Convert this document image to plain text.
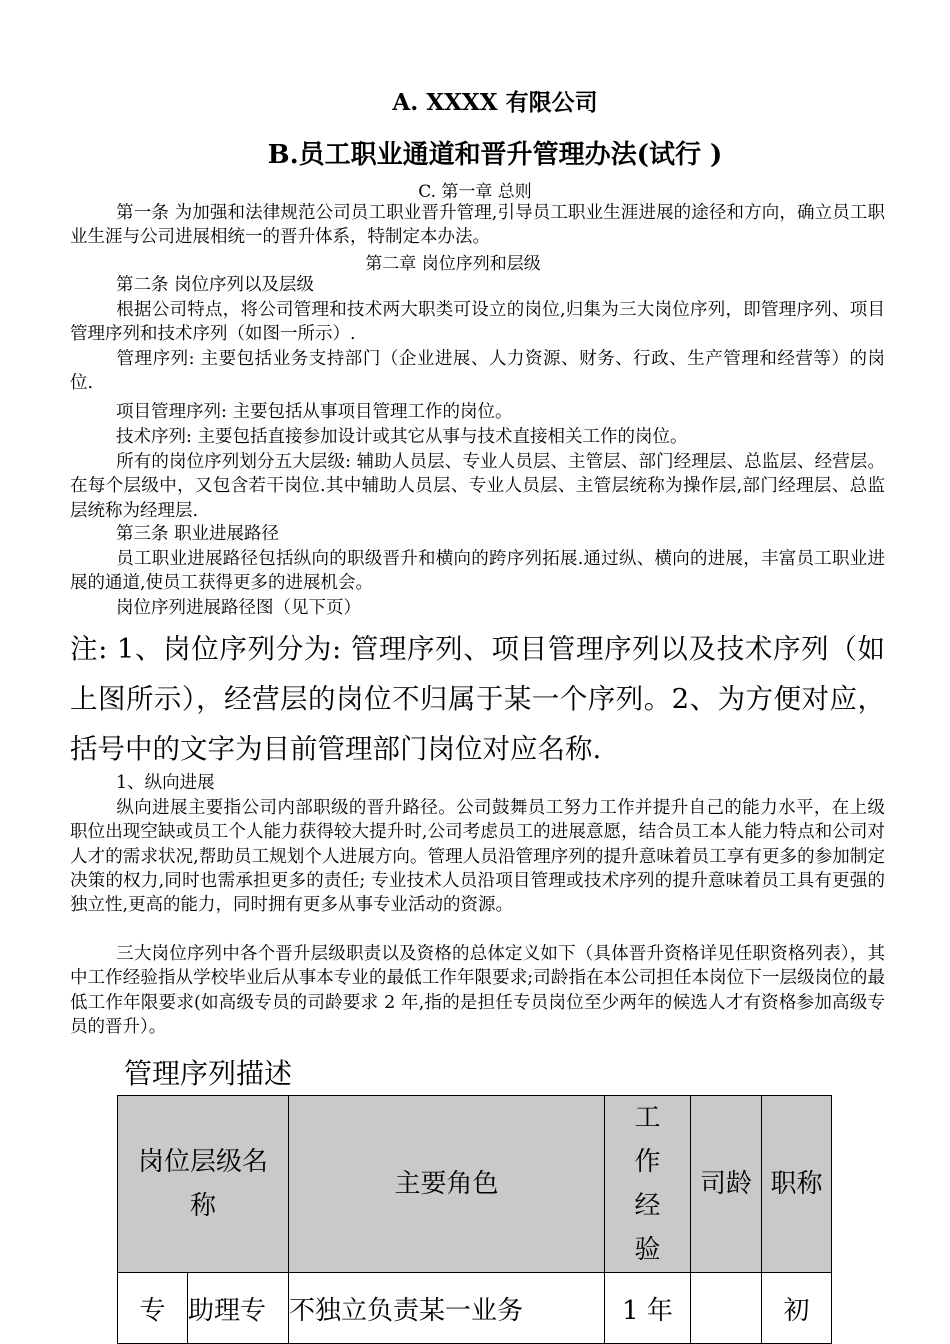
A. XXXX 有限公司
B.员工职业通道和晋升管理办法(试行 )
C. 第一章 总则
第一条 为加强和法律规范公司员工职业晋升管理,引导员工职业生涯进展的途径和方向，确立员工职业生涯与公司进展相统一的晋升体系，特制定本办法。
第二章 岗位序列和层级
第二条 岗位序列以及层级
根据公司特点，将公司管理和技术两大职类可设立的岗位,归集为三大岗位序列，即管理序列、项目管理序列和技术序列（如图一所示）.
管理序列: 主要包括业务支持部门（企业进展、人力资源、财务、行政、生产管理和经营等）的岗位.
项目管理序列: 主要包括从事项目管理工作的岗位。
技术序列: 主要包括直接参加设计或其它从事与技术直接相关工作的岗位。
所有的岗位序列划分五大层级: 辅助人员层、专业人员层、主管层、部门经理层、总监层、经营层。在每个层级中，又包含若干岗位.其中辅助人员层、专业人员层、主管层统称为操作层,部门经理层、总监层统称为经理层.
第三条 职业进展路径
员工职业进展路径包括纵向的职级晋升和横向的跨序列拓展.通过纵、横向的进展，丰富员工职业进展的通道,使员工获得更多的进展机会。
岗位序列进展路径图（见下页）
注: 1、岗位序列分为: 管理序列、项目管理序列以及技术序列（如上图所示），经营层的岗位不归属于某一个序列。2、为方便对应，括号中的文字为目前管理部门岗位对应名称.
1、纵向进展
纵向进展主要指公司内部职级的晋升路径。公司鼓舞员工努力工作并提升自己的能力水平，在上级职位出现空缺或员工个人能力获得较大提升时,公司考虑员工的进展意愿，结合员工本人能力特点和公司对人才的需求状况,帮助员工规划个人进展方向。管理人员沿管理序列的提升意味着员工享有更多的参加制定决策的权力,同时也需承担更多的责任; 专业技术人员沿项目管理或技术序列的提升意味着员工具有更强的独立性,更高的能力，同时拥有更多从事专业活动的资源。
三大岗位序列中各个晋升层级职责以及资格的总体定义如下（具体晋升资格详见任职资格列表），其中工作经验指从学校毕业后从事本专业的最低工作年限要求;司龄指在本公司担任本岗位下一层级岗位的最低工作年限要求(如高级专员的司龄要求 2 年,指的是担任专员岗位至少两年的候选人才有资格参加高级专员的晋升）。
管理序列描述
岗位层级名称		主要角色	工作经验	司龄	职称
专	助理专	不独立负责某一业务	1 年		初
